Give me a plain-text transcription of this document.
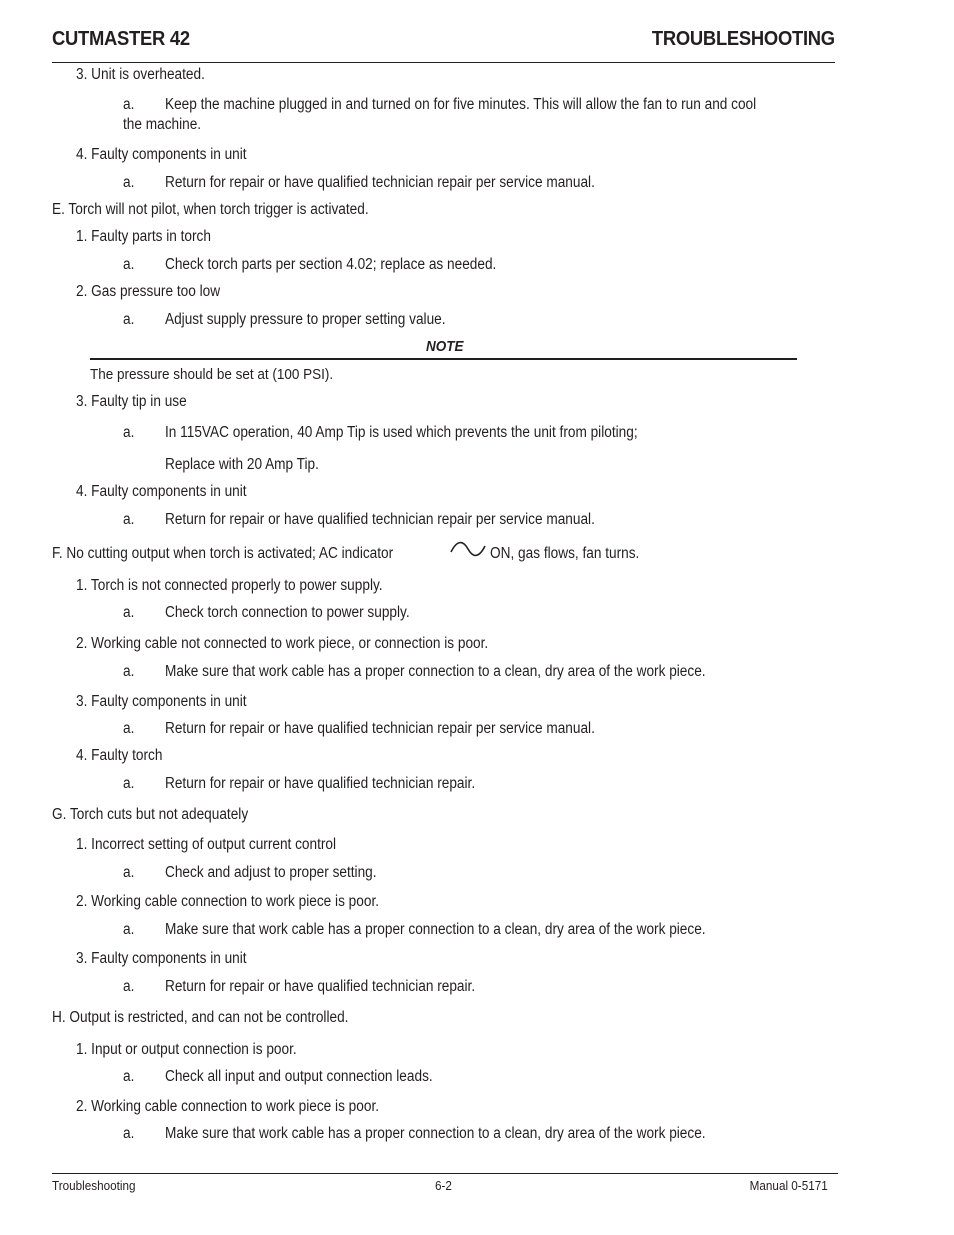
CUTMASTER 42	TROUBLESHOOTING
3. Unit is overheated.
a. Keep the machine plugged in and turned on for five minutes. This will allow the fan to run and cool
the machine.
4. Faulty components in unit
a. Return for repair or have qualified technician repair per service manual.
E. Torch will not pilot, when torch trigger is activated.
1. Faulty parts in torch
a. Check torch parts per section 4.02; replace as needed.
2. Gas pressure too low
a. Adjust supply pressure to proper setting value.
NOTE
The pressure should be set at (100 PSI).
3. Faulty tip in use
a. In 115VAC operation, 40 Amp Tip is used which prevents the unit from piloting;
Replace with 20 Amp Tip.
4. Faulty components in unit
a. Return for repair or have qualified technician repair per service manual.
F. No cutting output when torch is activated; AC indicator	ON, gas flows, fan turns.
1. Torch is not connected properly to power supply.
a. Check torch connection to power supply.
2. Working cable not connected to work piece, or connection is poor.
a. Make sure that work cable has a proper connection to a clean, dry area of the work piece.
3. Faulty components in unit
a. Return for repair or have qualified technician repair per service manual.
4. Faulty torch
a. Return for repair or have qualified technician repair.
G. Torch cuts but not adequately
1. Incorrect setting of output current control
a. Check and adjust to proper setting.
2. Working cable connection to work piece is poor.
a. Make sure that work cable has a proper connection to a clean, dry area of the work piece.
3. Faulty components in unit
a. Return for repair or have qualified technician repair.
H. Output is restricted, and can not be controlled.
1. Input or output connection is poor.
a. Check all input and output connection leads.
2. Working cable connection to work piece is poor.
a. Make sure that work cable has a proper connection to a clean, dry area of the work piece.
Troubleshooting	6-2	Manual 0-5171
